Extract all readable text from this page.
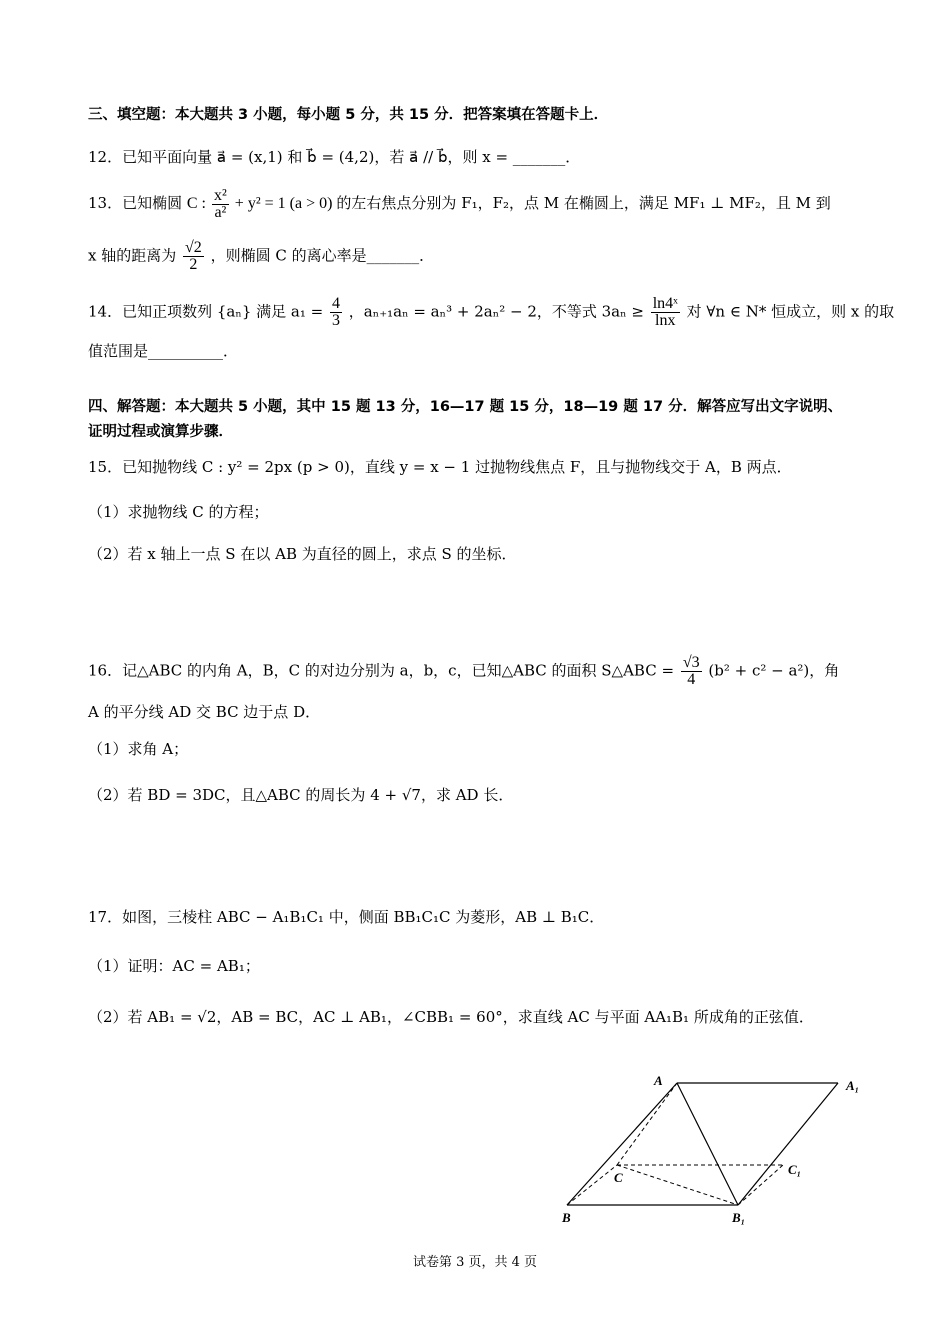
三、填空题：本大题共 3 小题，每小题 5 分，共 15 分．把答案填在答题卡上．
12．已知平面向量 a⃗ = (x,1) 和 b⃗ = (4,2)，若 a⃗ // b⃗，则 x = _______．
13．已知椭圆 C : $\frac{\text{x²}}{\text{a²}} + y^2 = 1$ (a > 0) 的左右焦点分别为 F₁，F₂，点 M 在椭圆上，满足 MF₁ ⊥ MF₂，且 M 到
x 轴的距离为 $\frac{√2}{2}$ ，则椭圆 C 的离心率是_______．
14．已知正项数列 {aₙ} 满足 $a_1 = \frac{4}{3}$ ，aₙ₊₁aₙ = aₙ³ + 2aₙ² − 2，不等式 $3a_n \ge \frac{\text{ln4ˣ}}{\ln x}$ 对 ∀n ∈ N* 恒成立，则 x 的取
值范围是__________．
四、解答题：本大题共 5 小题，其中 15 题 13 分，16—17 题 15 分，18—19 题 17 分．解答应写出文字说明、
证明过程或演算步骤．
15．已知抛物线 C : y² = 2px (p > 0)，直线 y = x − 1 过抛物线焦点 F，且与抛物线交于 A，B 两点．
（1）求抛物线 C 的方程；
（2）若 x 轴上一点 S 在以 AB 为直径的圆上，求点 S 的坐标．
16．记△ABC 的内角 A，B，C 的对边分别为 a，b，c，已知△ABC 的面积 S△ABC = $\frac{√3}{4} (b^2 + c^2 - a^2)$，角
A 的平分线 AD 交 BC 边于点 D．
（1）求角 A；
（2）若 BD = 3DC，且△ABC 的周长为 4 + √7，求 AD 长．
17．如图，三棱柱 ABC − A₁B₁C₁ 中，侧面 BB₁C₁C 为菱形，AB ⊥ B₁C．
（1）证明：AC = AB₁；
（2）若 AB₁ = √2，AB = BC，AC ⊥ AB₁，∠CBB₁ = 60°，求直线 AC 与平面 AA₁B₁ 所成角的正弦值．
A	A₁
B	B₁
C
C₁
试卷第 3 页，共 4 页
